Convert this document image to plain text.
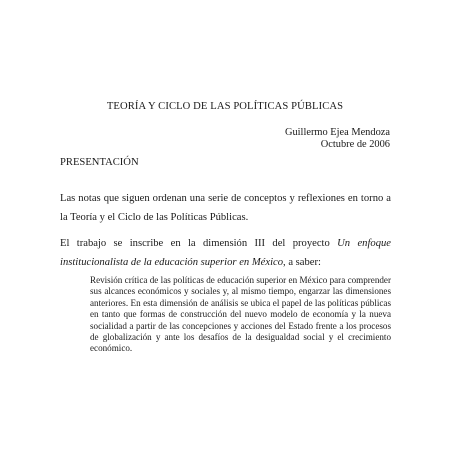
TEORÍA Y CICLO DE LAS POLÍTICAS PÚBLICAS
Guillermo Ejea Mendoza
Octubre de 2006
PRESENTACIÓN
Las notas que siguen ordenan una serie de conceptos y reflexiones en torno a la Teoría y el Ciclo de las Políticas Públicas.
El trabajo se inscribe en la dimensión III del proyecto Un enfoque institucionalista de la educación superior en México, a saber:
Revisión crítica de las políticas de educación superior en México para comprender sus alcances económicos y sociales y, al mismo tiempo, engarzar las dimensiones anteriores. En esta dimensión de análisis se ubica el papel de las políticas públicas en tanto que formas de construcción del nuevo modelo de economía y la nueva socialidad a partir de las concepciones y acciones del Estado frente a los procesos de globalización y ante los desafíos de la desigualdad social y el crecimiento económico.
